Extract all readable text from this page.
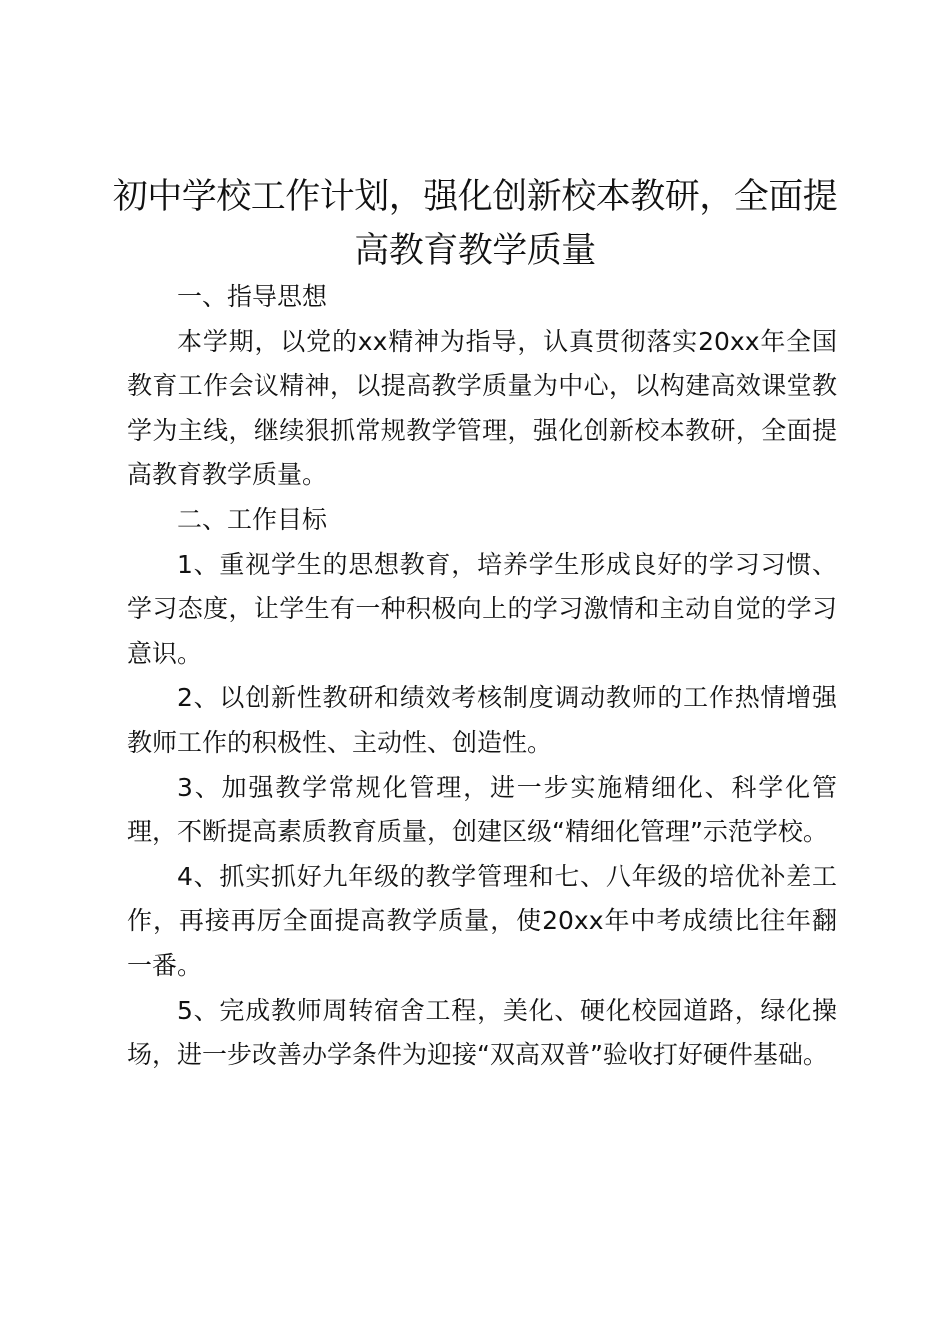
初中学校工作计划，强化创新校本教研，全面提高教育教学质量

一、指导思想

本学期，以党的xx精神为指导，认真贯彻落实20xx年全国教育工作会议精神，以提高教学质量为中心，以构建高效课堂教学为主线，继续狠抓常规教学管理，强化创新校本教研，全面提高教育教学质量。

二、工作目标

1、重视学生的思想教育，培养学生形成良好的学习习惯、学习态度，让学生有一种积极向上的学习激情和主动自觉的学习意识。

2、以创新性教研和绩效考核制度调动教师的工作热情增强教师工作的积极性、主动性、创造性。

3、加强教学常规化管理，进一步实施精细化、科学化管理，不断提高素质教育质量，创建区级“精细化管理”示范学校。

4、抓实抓好九年级的教学管理和七、八年级的培优补差工作，再接再厉全面提高教学质量，使20xx年中考成绩比往年翻一番。

5、完成教师周转宿舍工程，美化、硬化校园道路，绿化操场，进一步改善办学条件为迎接“双高双普”验收打好硬件基础。
